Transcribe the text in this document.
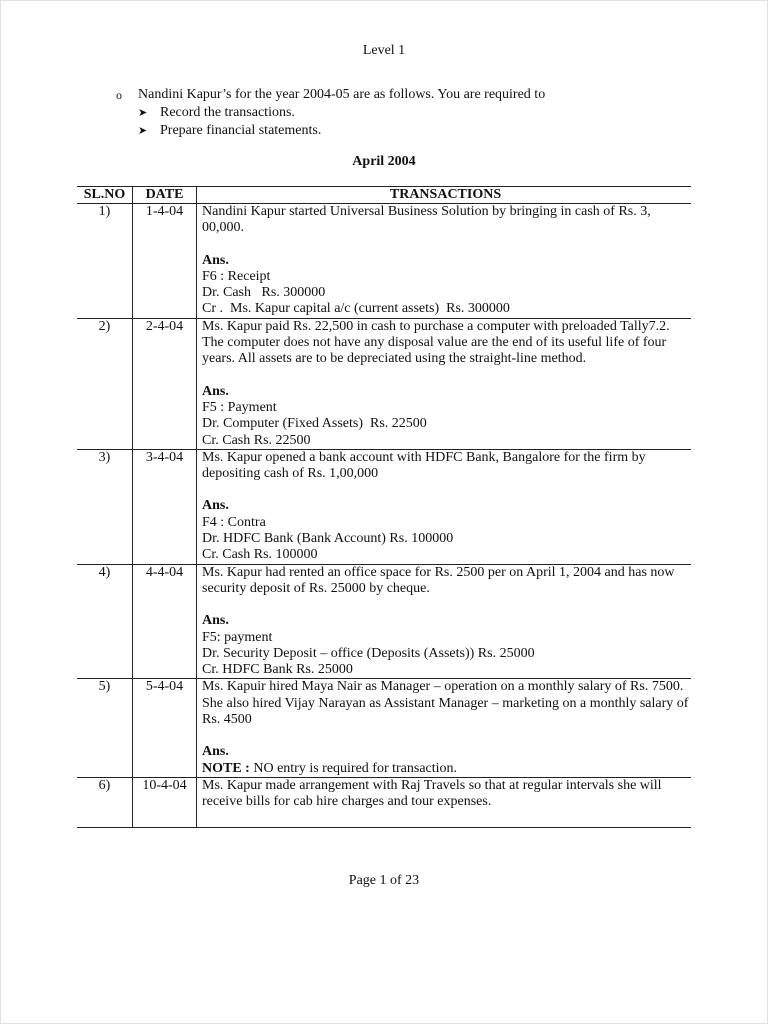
Level 1
o	Nandini Kapur’s for the year 2004-05 are as follows. You are required to
➤ Record the transactions.
➤ Prepare financial statements.
April 2004
SL.NO	DATE	TRANSACTIONS
1)	1-4-04	Nandini Kapur started Universal Business Solution by bringing in cash of Rs. 3, 00,000.
Ans.
F6 : Receipt
Dr. Cash   Rs. 300000
Cr .  Ms. Kapur capital a/c (current assets)  Rs. 300000

2)	2-4-04	Ms. Kapur paid Rs. 22,500 in cash to purchase a computer with preloaded Tally7.2. The computer does not have any disposal value are the end of its useful life of four years. All assets are to be depreciated using the straight-line method.
Ans.
F5 : Payment
Dr. Computer (Fixed Assets)  Rs. 22500
Cr. Cash Rs. 22500

3)	3-4-04	Ms. Kapur opened a bank account with HDFC Bank, Bangalore for the firm by depositing cash of Rs. 1,00,000
Ans.
F4 : Contra
Dr. HDFC Bank (Bank Account) Rs. 100000
Cr. Cash Rs. 100000

4)	4-4-04	Ms. Kapur had rented an office space for Rs. 2500 per on April 1, 2004 and has now security deposit of Rs. 25000 by cheque.
Ans.
F5: payment
Dr. Security Deposit – office (Deposits (Assets)) Rs. 25000
Cr. HDFC Bank Rs. 25000

5)	5-4-04	Ms. Kapuir hired Maya Nair as Manager – operation on a monthly salary of Rs. 7500. She also hired Vijay Narayan as Assistant Manager – marketing on a monthly salary of Rs. 4500
Ans.
NOTE : NO entry is required for transaction.

6)	10-4-04	Ms. Kapur made arrangement with Raj Travels so that at regular intervals she will receive bills for cab hire charges and tour expenses.
Page 1 of 23
